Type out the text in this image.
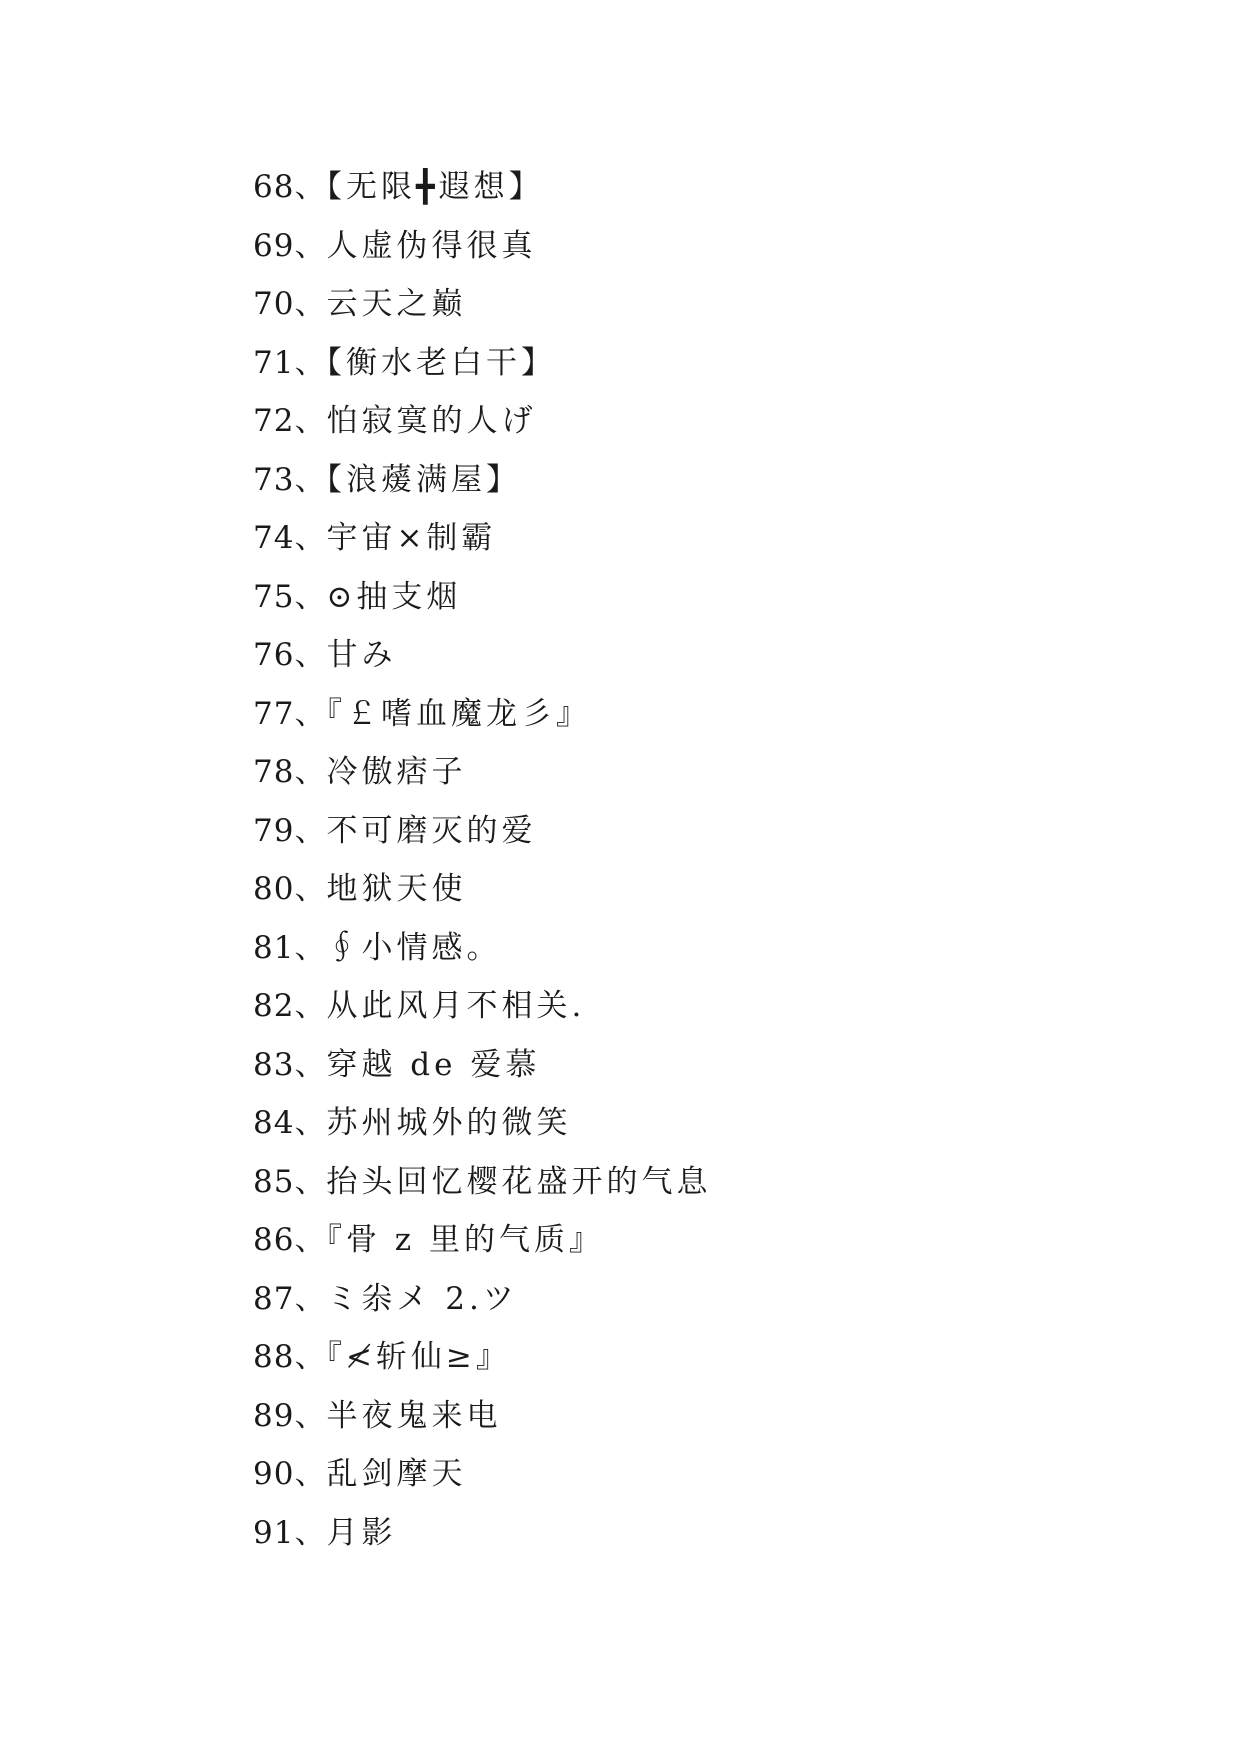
68、【无限╋遐想】
69、人虚伪得很真
70、云天之巅
71、【衡水老白干】
72、怕寂寞的人げ
73、【浪蕿满屋】
74、宇宙×制霸
75、⊙抽支烟
76、甘み
77、『￡嗜血魔龙彡』
78、冷傲痞子
79、不可磨灭的爱
80、地狱天使
81、∮小情感。
82、从此风月不相关.
83、穿越 de 爱慕
84、苏州城外的微笑
85、抬头回忆樱花盛开的气息
86、『骨 z 里的气质』
87、ミ尜メ 2.ツ
88、『≮斩仙≥』
89、半夜鬼来电
90、乱剑摩天
91、月影
